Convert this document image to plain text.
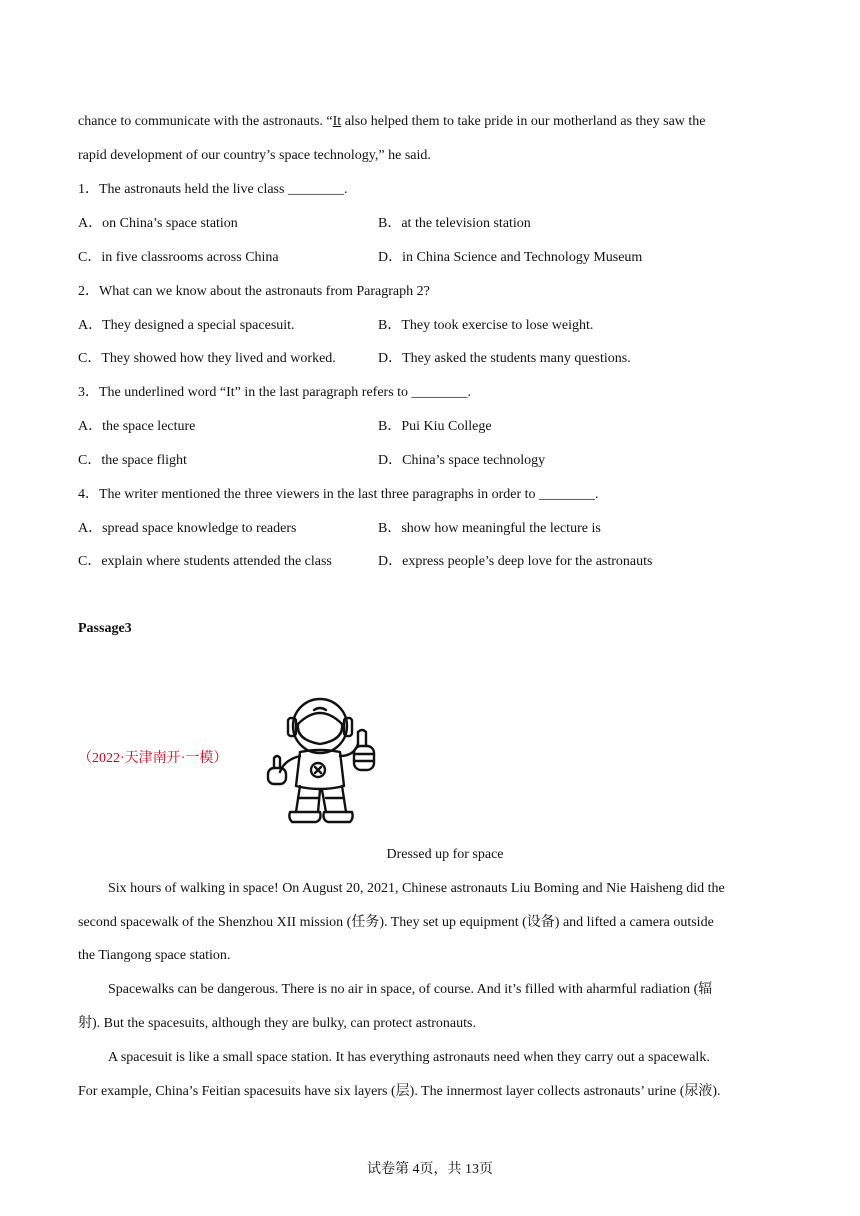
chance to communicate with the astronauts. “It also helped them to take pride in our motherland as they saw the
rapid development of our country’s space technology,” he said.
1．The astronauts held the live class ________.
A．on China’s space station	B．at the television station
C．in five classrooms across China	D．in China Science and Technology Museum
2．What can we know about the astronauts from Paragraph 2?
A．They designed a special spacesuit.	B．They took exercise to lose weight.
C．They showed how they lived and worked.	D．They asked the students many questions.
3．The underlined word “It” in the last paragraph refers to ________.
A．the space lecture	B．Pui Kiu College
C．the space flight	D．China’s space technology
4．The writer mentioned the three viewers in the last three paragraphs in order to ________.
A．spread space knowledge to readers	B．show how meaningful the lecture is
C．explain where students attended the class	D．express people’s deep love for the astronauts
Passage3
（2022·天津南开·一模）
Dressed up for space
Six hours of walking in space! On August 20, 2021, Chinese astronauts Liu Boming and Nie Haisheng did the
second spacewalk of the Shenzhou XII mission (任务). They set up equipment (设备) and lifted a camera outside
the Tiangong space station.
Spacewalks can be dangerous. There is no air in space, of course. And it’s filled with aharmful radiation (辐
射). But the spacesuits, although they are bulky, can protect astronauts.
A spacesuit is like a small space station. It has everything astronauts need when they carry out a spacewalk.
For example, China’s Feitian spacesuits have six layers (层). The innermost layer collects astronauts’ urine (尿液).
试卷第 4页，共 13页
